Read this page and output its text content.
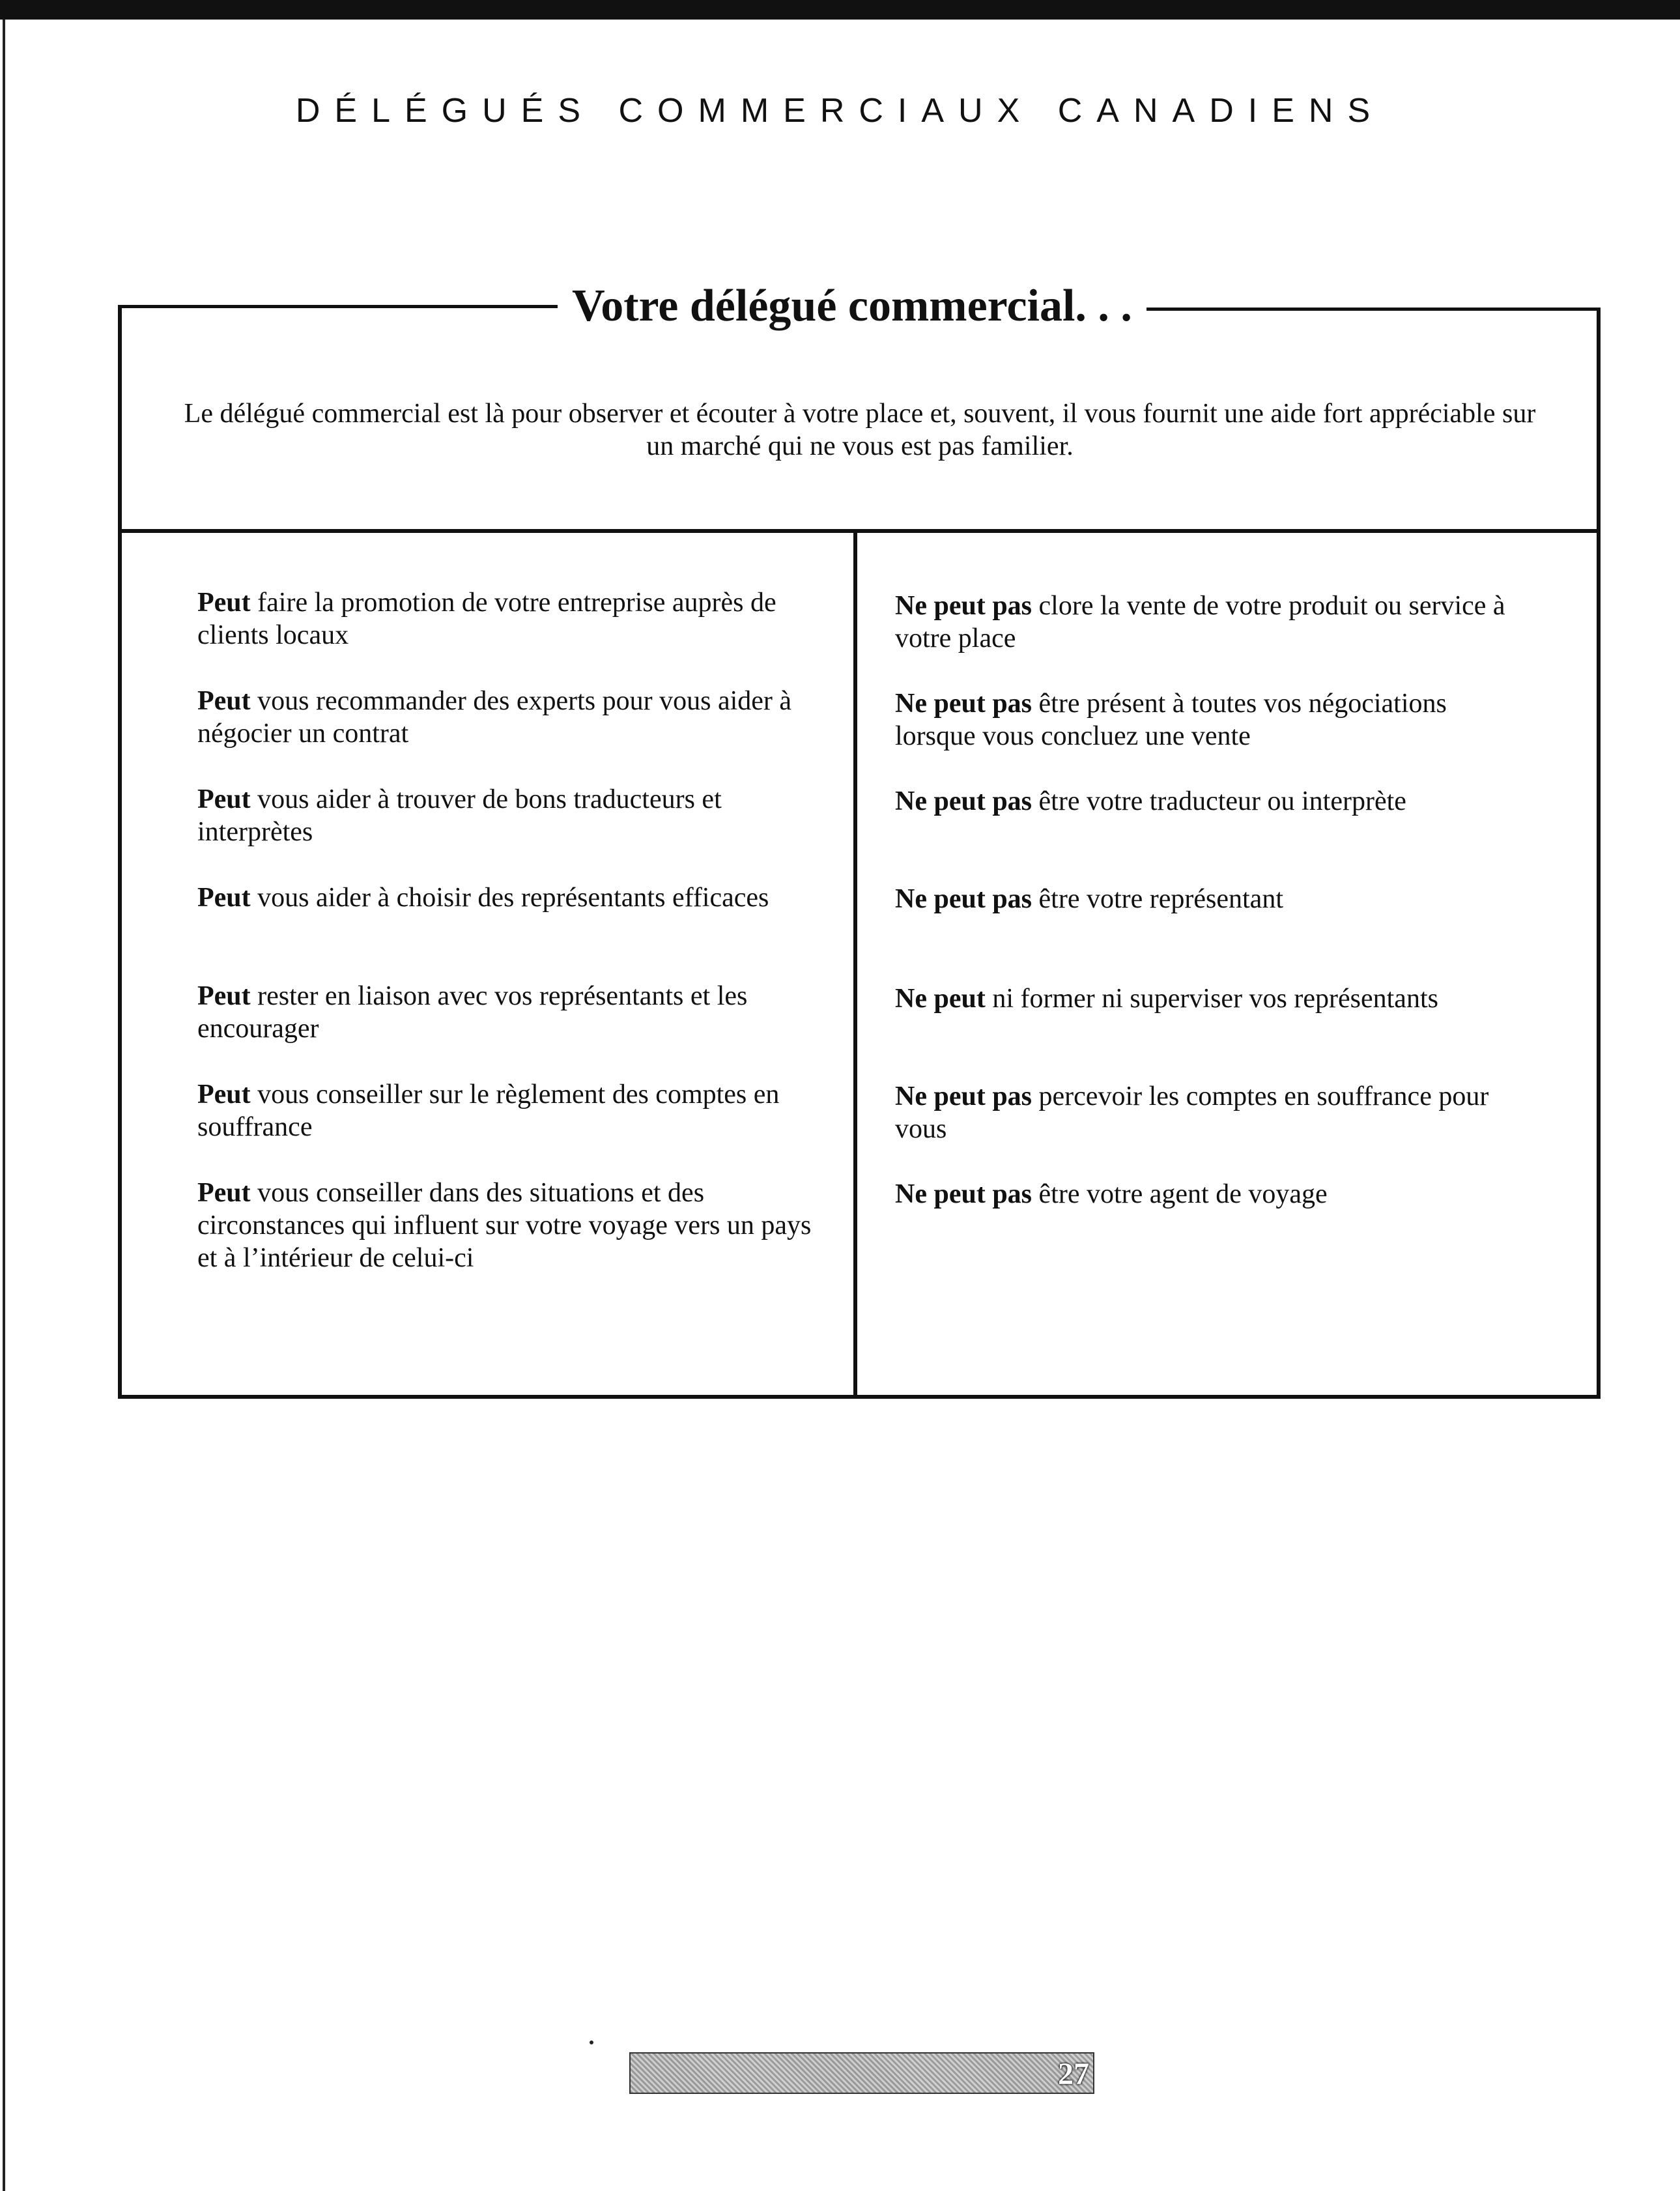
DÉLÉGUÉS COMMERCIAUX CANADIENS
Votre délégué commercial. . .
Le délégué commercial est là pour observer et écouter à votre place et, souvent, il vous fournit une aide fort appréciable sur un marché qui ne vous est pas familier.
Peut faire la promotion de votre entreprise auprès de clients locaux
Peut vous recommander des experts pour vous aider à négocier un contrat
Peut vous aider à trouver de bons traducteurs et interprètes
Peut vous aider à choisir des représentants efficaces
Peut rester en liaison avec vos représentants et les encourager
Peut vous conseiller sur le règlement des comptes en souffrance
Peut vous conseiller dans des situations et des circonstances qui influent sur votre voyage vers un pays et à l’intérieur de celui-ci
Ne peut pas clore la vente de votre produit ou service à votre place
Ne peut pas être présent à toutes vos négociations lorsque vous concluez une vente
Ne peut pas être votre traducteur ou interprète
Ne peut pas être votre représentant
Ne peut ni former ni superviser vos représentants
Ne peut pas percevoir les comptes en souffrance pour vous
Ne peut pas être votre agent de voyage
27
